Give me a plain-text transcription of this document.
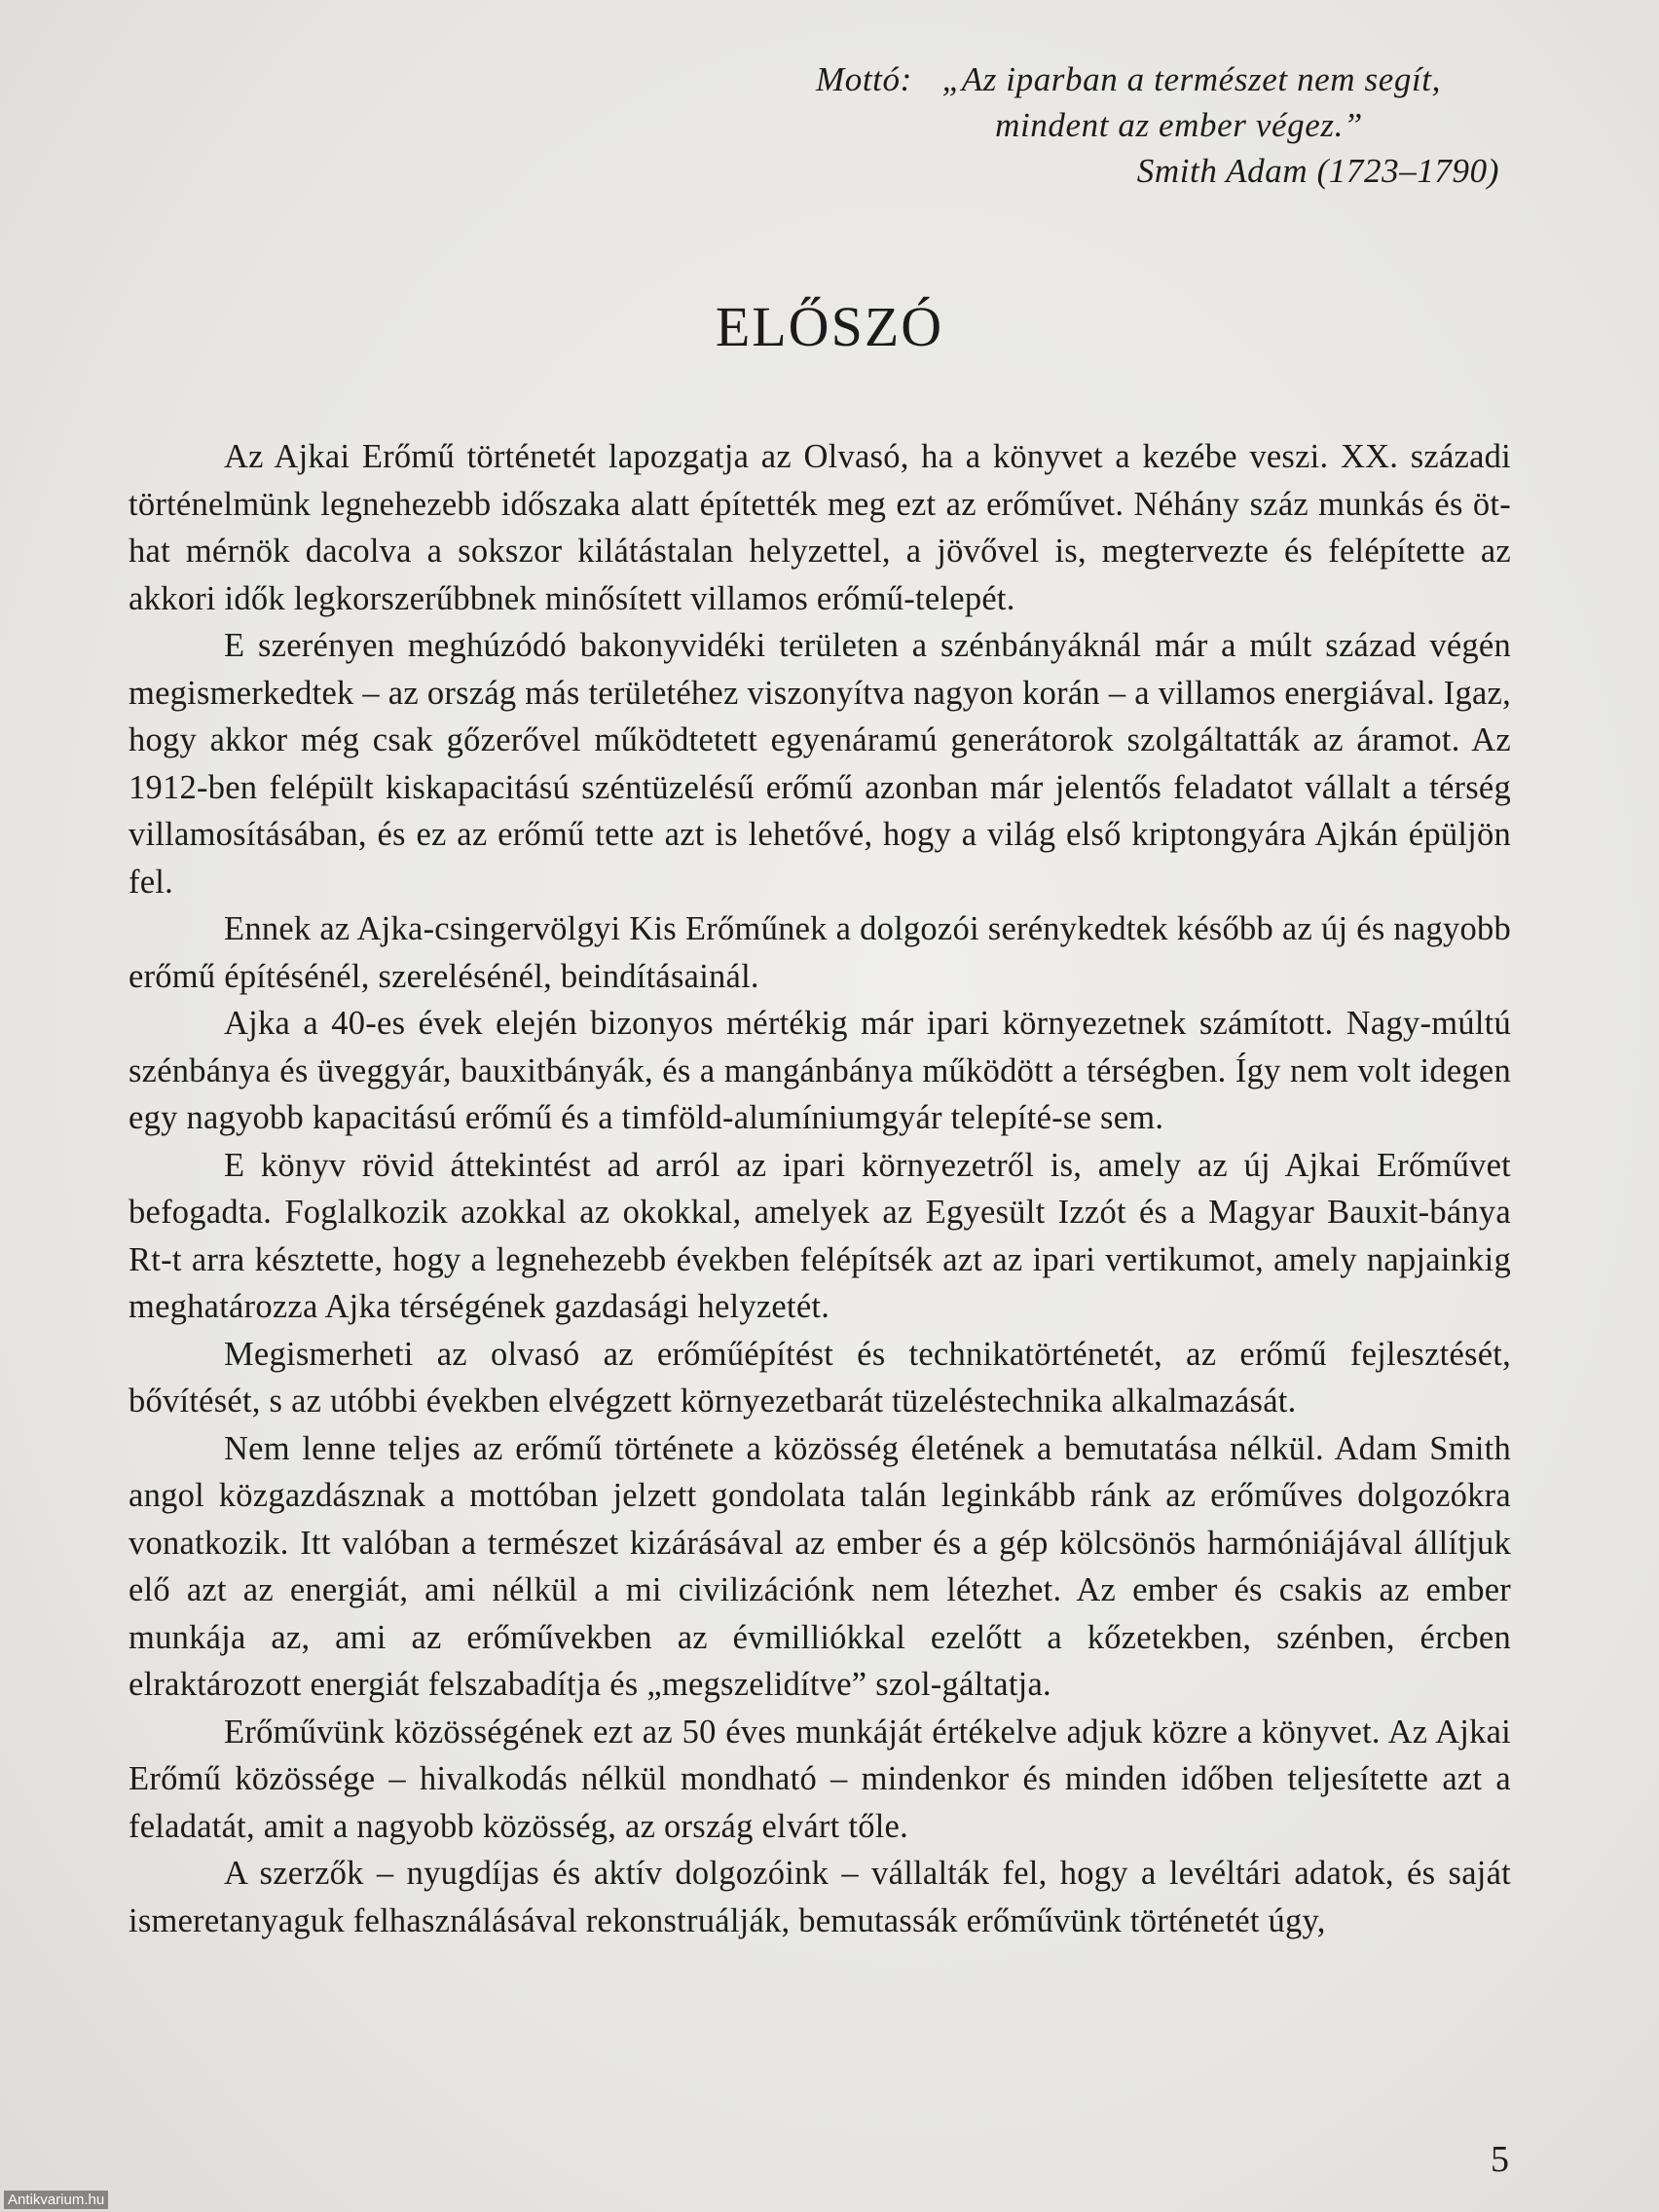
Mottó: „Az iparban a természet nem segít,
mindent az ember végez.”
Smith Adam (1723–1790)
ELŐSZÓ

Az Ajkai Erőmű történetét lapozgatja az Olvasó, ha a könyvet a kezébe veszi. XX. századi történelmünk legnehezebb időszaka alatt építették meg ezt az erőművet. Néhány száz munkás és öt-hat mérnök dacolva a sokszor kilátástalan helyzettel, a jövővel is, megtervezte és felépítette az akkori idők legkorszerűbbnek minősített villamos erőmű-telepét.

E szerényen meghúzódó bakonyvidéki területen a szénbányáknál már a múlt század végén megismerkedtek – az ország más területéhez viszonyítva nagyon korán – a villamos energiával. Igaz, hogy akkor még csak gőzerővel működtetett egyenáramú generátorok szolgáltatták az áramot. Az 1912-ben felépült kiskapacitású széntüzelésű erőmű azonban már jelentős feladatot vállalt a térség villamosításában, és ez az erőmű tette azt is lehetővé, hogy a világ első kriptongyára Ajkán épüljön fel.

Ennek az Ajka-csingervölgyi Kis Erőműnek a dolgozói serénykedtek később az új és nagyobb erőmű építésénél, szerelésénél, beindításainál.

Ajka a 40-es évek elején bizonyos mértékig már ipari környezetnek számított. Nagy-múltú szénbánya és üveggyár, bauxitbányák, és a mangánbánya működött a térségben. Így nem volt idegen egy nagyobb kapacitású erőmű és a timföld-alumíniumgyár telepíté-se sem.

E könyv rövid áttekintést ad arról az ipari környezetről is, amely az új Ajkai Erőművet befogadta. Foglalkozik azokkal az okokkal, amelyek az Egyesült Izzót és a Magyar Bauxit-bánya Rt-t arra késztette, hogy a legnehezebb években felépítsék azt az ipari vertikumot, amely napjainkig meghatározza Ajka térségének gazdasági helyzetét.

Megismerheti az olvasó az erőműépítést és technikatörténetét, az erőmű fejlesztését, bővítését, s az utóbbi években elvégzett környezetbarát tüzeléstechnika alkalmazását.

Nem lenne teljes az erőmű története a közösség életének a bemutatása nélkül. Adam Smith angol közgazdásznak a mottóban jelzett gondolata talán leginkább ránk az erőműves dolgozókra vonatkozik. Itt valóban a természet kizárásával az ember és a gép kölcsönös harmóniájával állítjuk elő azt az energiát, ami nélkül a mi civilizációnk nem létezhet. Az ember és csakis az ember munkája az, ami az erőművekben az évmilliókkal ezelőtt a kőzetekben, szénben, ércben elraktározott energiát felszabadítja és „megszelidítve” szol-gáltatja.

Erőművünk közösségének ezt az 50 éves munkáját értékelve adjuk közre a könyvet. Az Ajkai Erőmű közössége – hivalkodás nélkül mondható – mindenkor és minden időben teljesítette azt a feladatát, amit a nagyobb közösség, az ország elvárt tőle.

A szerzők – nyugdíjas és aktív dolgozóink – vállalták fel, hogy a levéltári adatok, és saját ismeretanyaguk felhasználásával rekonstruálják, bemutassák erőművünk történetét úgy,

5
Antikvarium.hu
